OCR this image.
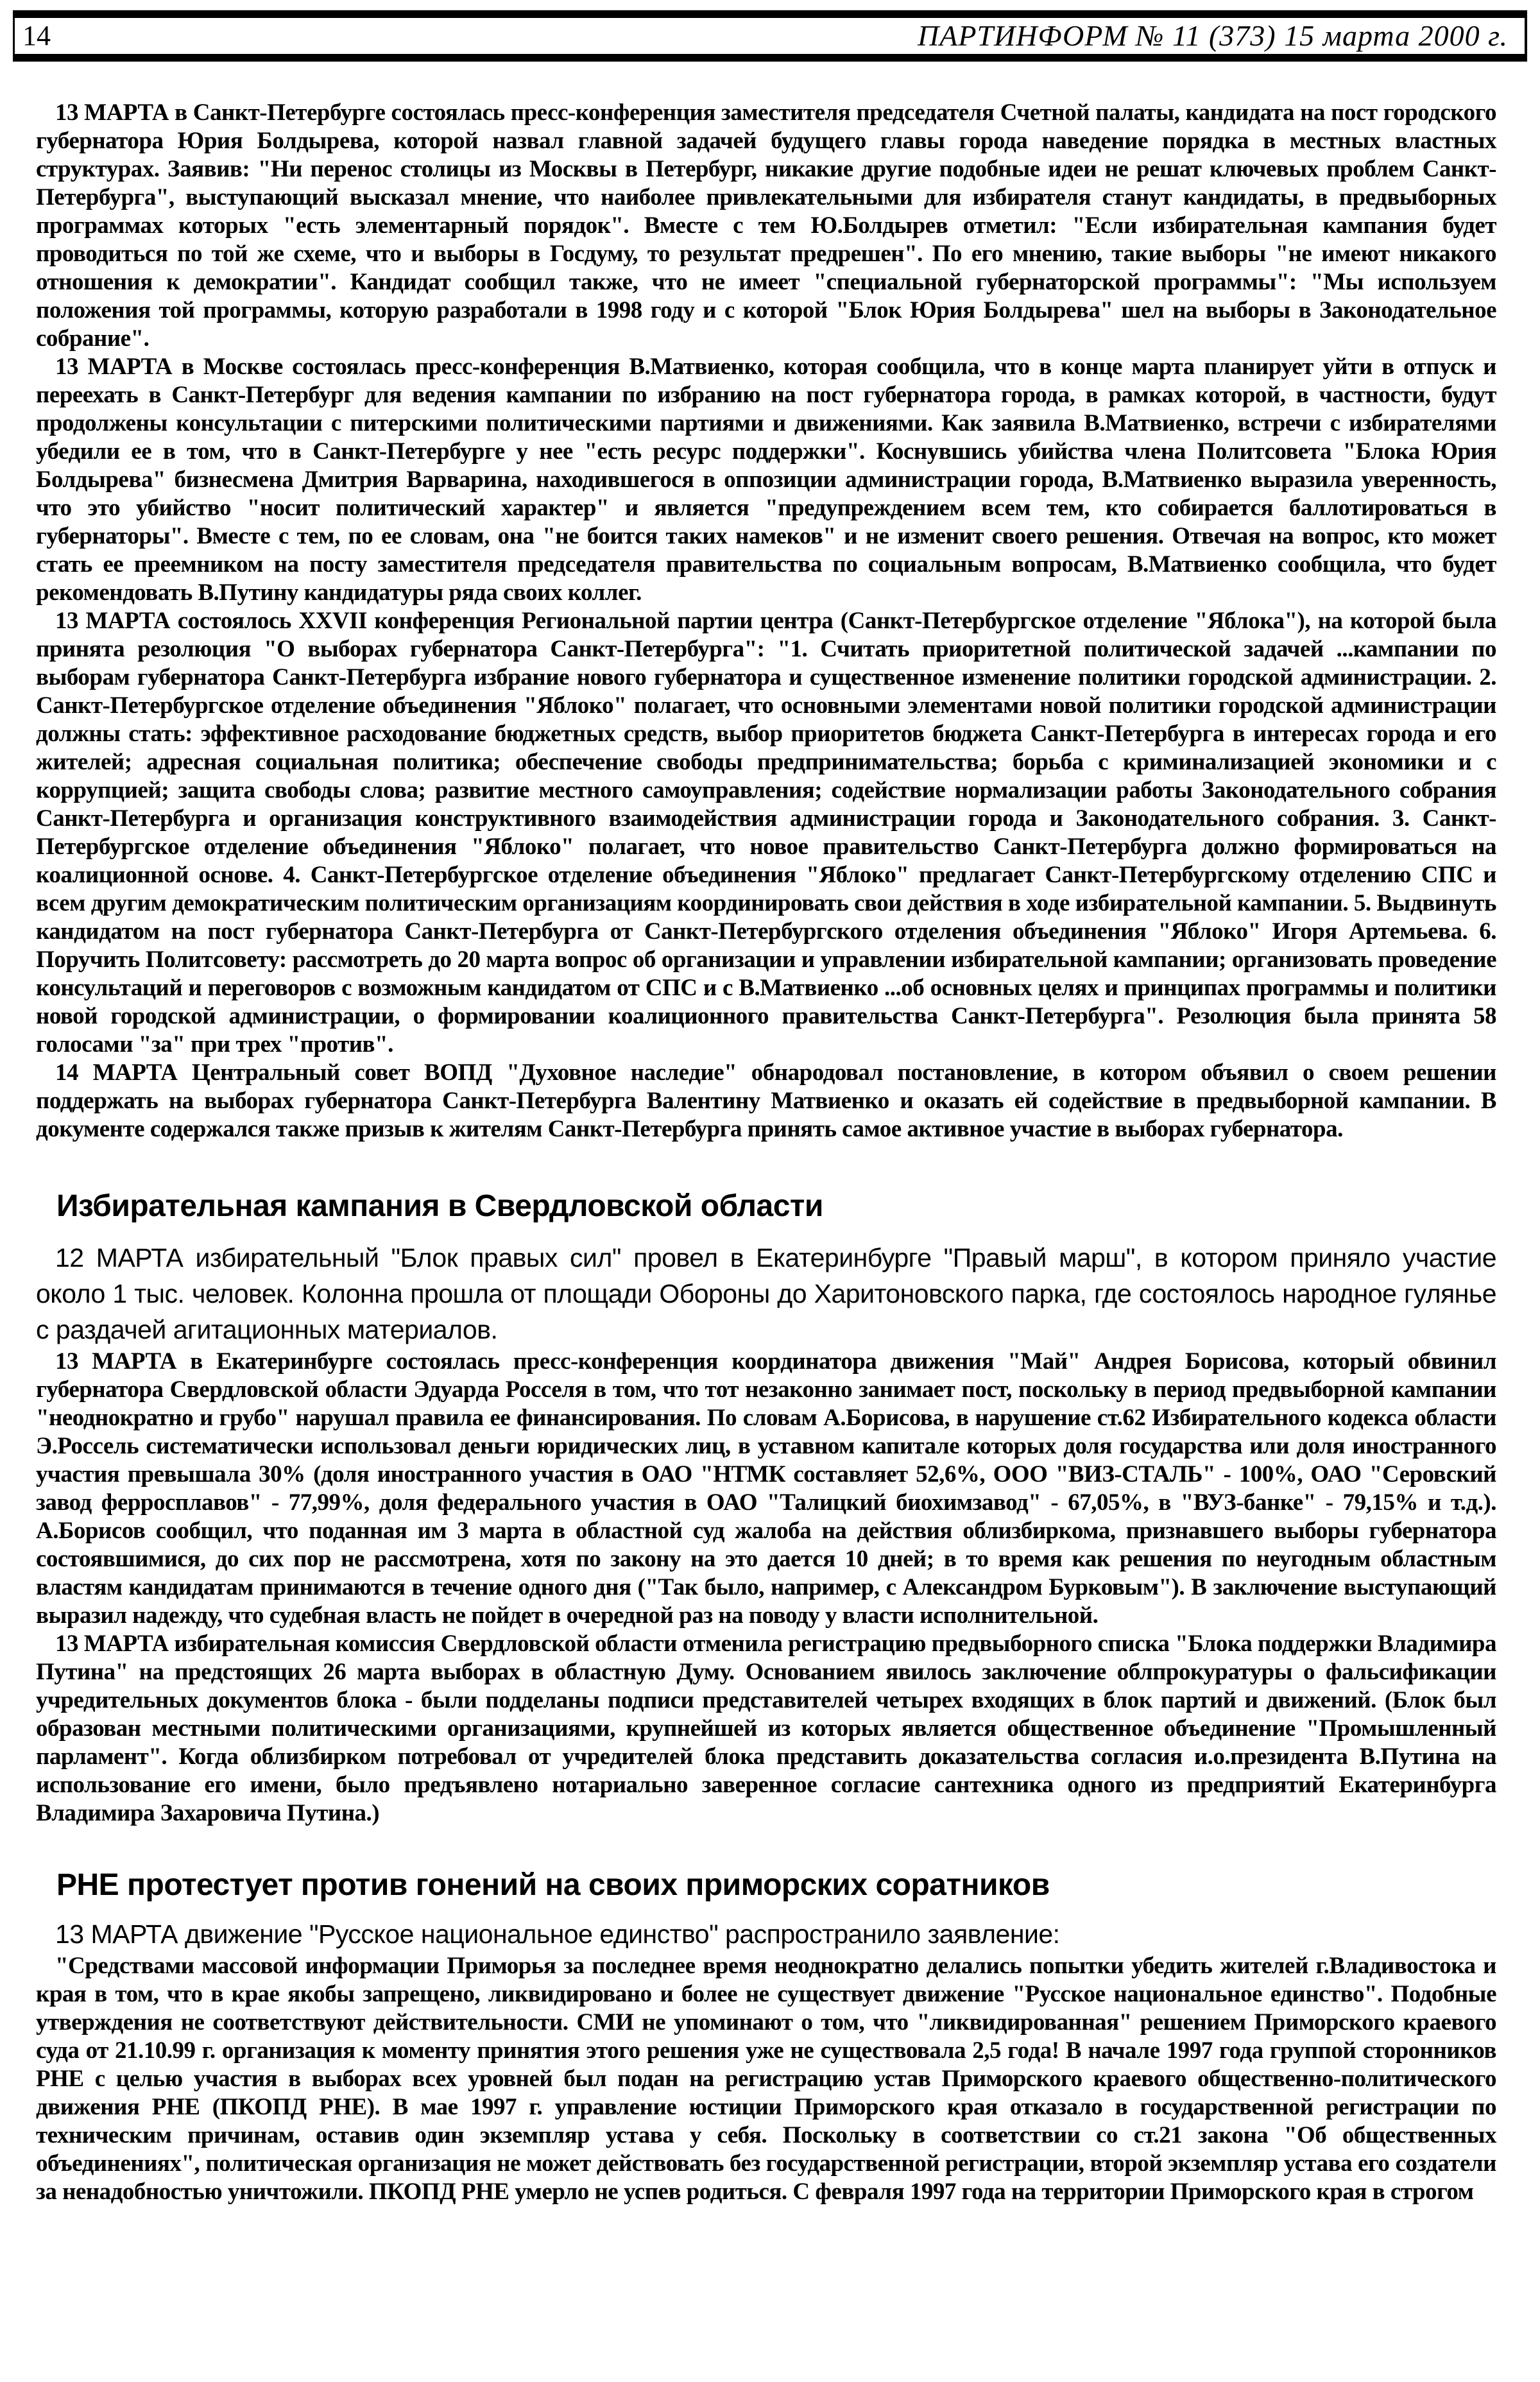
14	ПАРТИНФОРМ № 11 (373) 15 марта 2000 г.

13 МАРТА в Санкт-Петербурге состоялась пресс-конференция заместителя председателя Счетной палаты, кандидата на пост городского губернатора Юрия Болдырева, которой назвал главной задачей будущего главы города наведение порядка в местных властных структурах. Заявив: "Ни перенос столицы из Москвы в Петербург, никакие другие подобные идеи не решат ключевых проблем Санкт-Петербурга", выступающий высказал мнение, что наиболее привлекательными для избирателя станут кандидаты, в предвыборных программах которых "есть элементарный порядок". Вместе с тем Ю.Болдырев отметил: "Если избирательная кампания будет проводиться по той же схеме, что и выборы в Госдуму, то результат предрешен". По его мнению, такие выборы "не имеют никакого отношения к демократии". Кандидат сообщил также, что не имеет "специальной губернаторской программы": "Мы используем положения той программы, которую разработали в 1998 году и с которой "Блок Юрия Болдырева" шел на выборы в Законодательное собрание".

13 МАРТА в Москве состоялась пресс-конференция В.Матвиенко, которая сообщила, что в конце марта планирует уйти в отпуск и переехать в Санкт-Петербург для ведения кампании по избранию на пост губернатора города, в рамках которой, в частности, будут продолжены консультации с питерскими политическими партиями и движениями. Как заявила В.Матвиенко, встречи с избирателями убедили ее в том, что в Санкт-Петербурге у нее "есть ресурс поддержки". Коснувшись убийства члена Политсовета "Блока Юрия Болдырева" бизнесмена Дмитрия Варварина, находившегося в оппозиции администрации города, В.Матвиенко выразила уверенность, что это убийство "носит политический характер" и является "предупреждением всем тем, кто собирается баллотироваться в губернаторы". Вместе с тем, по ее словам, она "не боится таких намеков" и не изменит своего решения. Отвечая на вопрос, кто может стать ее преемником на посту заместителя председателя правительства по социальным вопросам, В.Матвиенко сообщила, что будет рекомендовать В.Путину кандидатуры ряда своих коллег.

13 МАРТА состоялось XXVII конференция Региональной партии центра (Санкт-Петербургское отделение "Яблока"), на которой была принята резолюция "О выборах губернатора Санкт-Петербурга": "1. Считать приоритетной политической задачей ...кампании по выборам губернатора Санкт-Петербурга избрание нового губернатора и существенное изменение политики городской администрации. 2. Санкт-Петербургское отделение объединения "Яблоко" полагает, что основными элементами новой политики городской администрации должны стать: эффективное расходование бюджетных средств, выбор приоритетов бюджета Санкт-Петербурга в интересах города и его жителей; адресная социальная политика; обеспечение свободы предпринимательства; борьба с криминализацией экономики и с коррупцией; защита свободы слова; развитие местного самоуправления; содействие нормализации работы Законодательного собрания Санкт-Петербурга и организация конструктивного взаимодействия администрации города и Законодательного собрания. 3. Санкт-Петербургское отделение объединения "Яблоко" полагает, что новое правительство Санкт-Петербурга должно формироваться на коалиционной основе. 4. Санкт-Петербургское отделение объединения "Яблоко" предлагает Санкт-Петербургскому отделению СПС и всем другим демократическим политическим организациям координировать свои действия в ходе избирательной кампании. 5. Выдвинуть кандидатом на пост губернатора Санкт-Петербурга от Санкт-Петербургского отделения объединения "Яблоко" Игоря Артемьева. 6. Поручить Политсовету: рассмотреть до 20 марта вопрос об организации и управлении избирательной кампании; организовать проведение консультаций и переговоров с возможным кандидатом от СПС и с В.Матвиенко ...об основных целях и принципах программы и политики новой городской администрации, о формировании коалиционного правительства Санкт-Петербурга". Резолюция была принята 58 голосами "за" при трех "против".

14 МАРТА Центральный совет ВОПД "Духовное наследие" обнародовал постановление, в котором объявил о своем решении поддержать на выборах губернатора Санкт-Петербурга Валентину Матвиенко и оказать ей содействие в предвыборной кампании. В документе содержался также призыв к жителям Санкт-Петербурга принять самое активное участие в выборах губернатора.

Избирательная кампания в Свердловской области

12 МАРТА избирательный "Блок правых сил" провел в Екатеринбурге "Правый марш", в котором приняло участие около 1 тыс. человек. Колонна прошла от площади Обороны до Харитоновского парка, где состоялось народное гулянье с раздачей агитационных материалов.

13 МАРТА в Екатеринбурге состоялась пресс-конференция координатора движения "Май" Андрея Борисова, который обвинил губернатора Свердловской области Эдуарда Росселя в том, что тот незаконно занимает пост, поскольку в период предвыборной кампании "неоднократно и грубо" нарушал правила ее финансирования. По словам А.Борисова, в нарушение ст.62 Избирательного кодекса области Э.Россель систематически использовал деньги юридических лиц, в уставном капитале которых доля государства или доля иностранного участия превышала 30% (доля иностранного участия в ОАО "НТМК составляет 52,6%, ООО "ВИЗ-СТАЛЬ" - 100%, ОАО "Серовский завод ферросплавов" - 77,99%, доля федерального участия в ОАО "Талицкий биохимзавод" - 67,05%, в "ВУЗ-банке" - 79,15% и т.д.). А.Борисов сообщил, что поданная им 3 марта в областной суд жалоба на действия облизбиркома, признавшего выборы губернатора состоявшимися, до сих пор не рассмотрена, хотя по закону на это дается 10 дней; в то время как решения по неугодным областным властям кандидатам принимаются в течение одного дня ("Так было, например, с Александром Бурковым"). В заключение выступающий выразил надежду, что судебная власть не пойдет в очередной раз на поводу у власти исполнительной.

13 МАРТА избирательная комиссия Свердловской области отменила регистрацию предвыборного списка "Блока поддержки Владимира Путина" на предстоящих 26 марта выборах в областную Думу. Основанием явилось заключение облпрокуратуры о фальсификации учредительных документов блока - были подделаны подписи представителей четырех входящих в блок партий и движений. (Блок был образован местными политическими организациями, крупнейшей из которых является общественное объединение "Промышленный парламент". Когда облизбирком потребовал от учредителей блока представить доказательства согласия и.о.президента В.Путина на использование его имени, было предъявлено нотариально заверенное согласие сантехника одного из предприятий Екатеринбурга Владимира Захаровича Путина.)

РНЕ протестует против гонений на своих приморских соратников

13 МАРТА движение "Русское национальное единство" распространило заявление:

"Средствами массовой информации Приморья за последнее время неоднократно делались попытки убедить жителей г.Владивостока и края в том, что в крае якобы запрещено, ликвидировано и более не существует движение "Русское национальное единство". Подобные утверждения не соответствуют действительности. СМИ не упоминают о том, что "ликвидированная" решением Приморского краевого суда от 21.10.99 г. организация к моменту принятия этого решения уже не существовала 2,5 года! В начале 1997 года группой сторонников РНЕ с целью участия в выборах всех уровней был подан на регистрацию устав Приморского краевого общественно-политического движения РНЕ (ПКОПД РНЕ). В мае 1997 г. управление юстиции Приморского края отказало в государственной регистрации по техническим причинам, оставив один экземпляр устава у себя. Поскольку в соответствии со ст.21 закона "Об общественных объединениях", политическая организация не может действовать без государственной регистрации, второй экземпляр устава его создатели за ненадобностью уничтожили. ПКОПД РНЕ умерло не успев родиться. С февраля 1997 года на территории Приморского края в строгом
